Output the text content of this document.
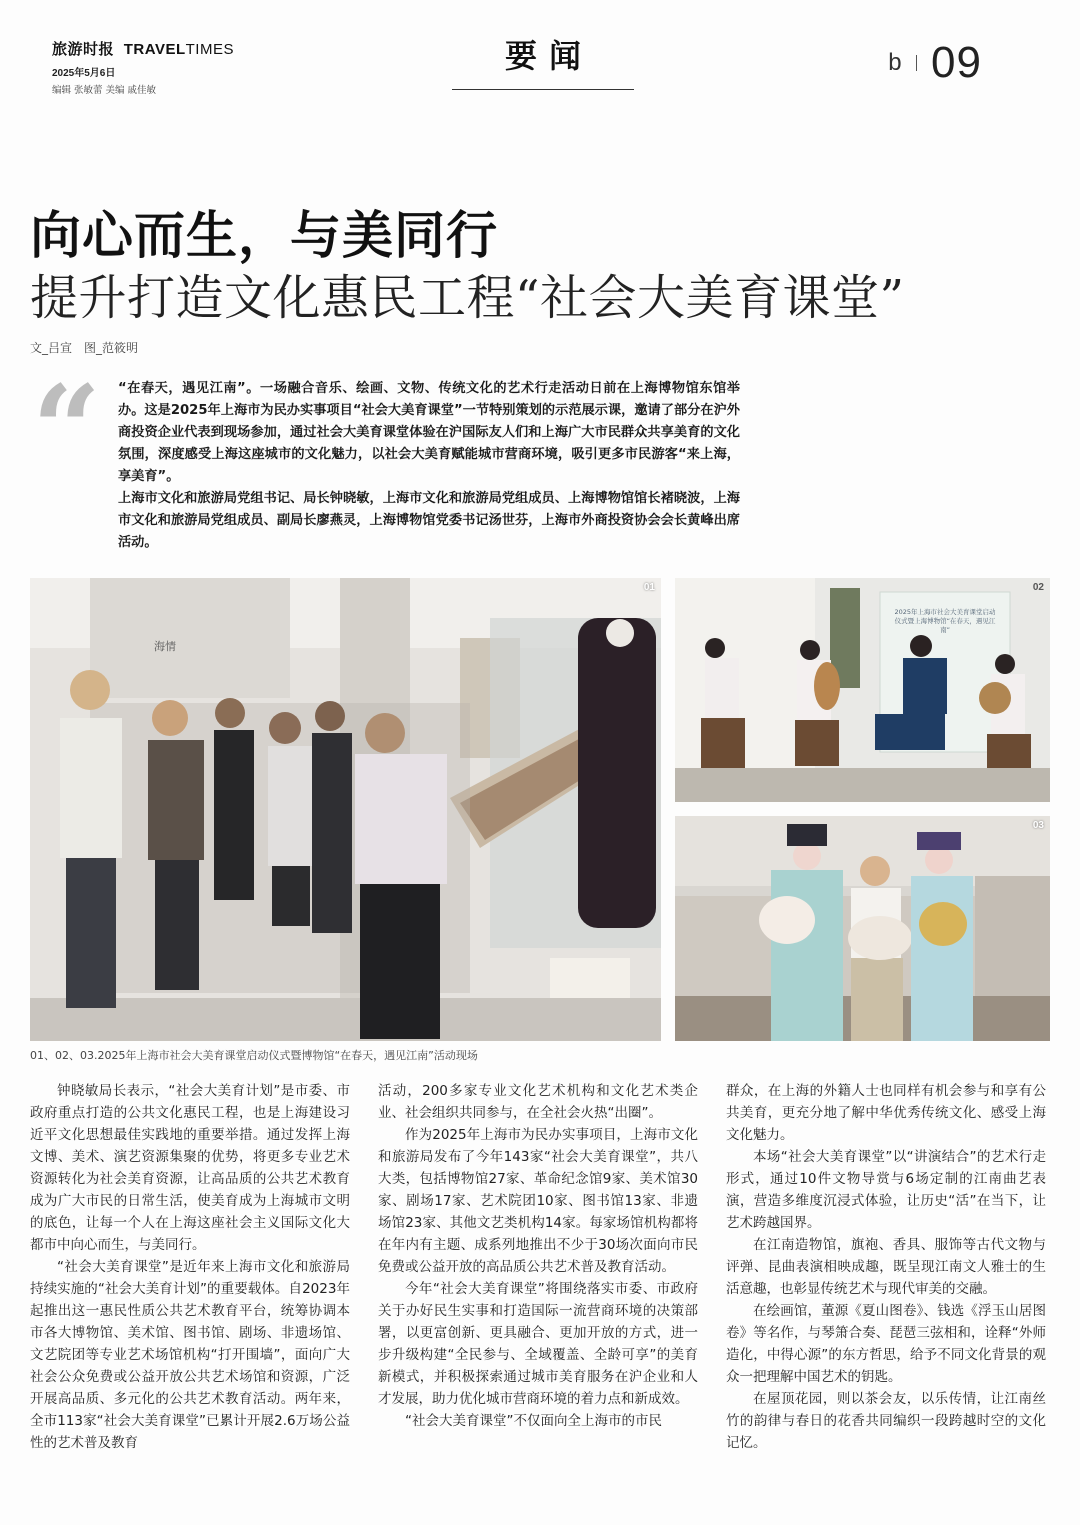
旅游时报 TRAVELTIMES
2025年5月6日
编辑 张敏蕾 美编 戚佳敏
要闻	b 09
向心而生，与美同行
提升打造文化惠民工程“社会大美育课堂”
文_吕宣　图_范筱明
“ “在春天，遇见江南”。一场融合音乐、绘画、文物、传统文化的艺术行走活动日前在上海博物馆东馆举办。这是2025年上海市为民办实事项目“社会大美育课堂”一节特别策划的示范展示课，邀请了部分在沪外商投资企业代表到现场参加，通过社会大美育课堂体验在沪国际友人们和上海广大市民群众共享美育的文化氛围，深度感受上海这座城市的文化魅力，以社会大美育赋能城市营商环境，吸引更多市民游客“来上海，享美育”。
上海市文化和旅游局党组书记、局长钟晓敏，上海市文化和旅游局党组成员、上海博物馆馆长褚晓波，上海市文化和旅游局党组成员、副局长廖燕灵，上海博物馆党委书记汤世芬，上海市外商投资协会会长黄峰出席活动。
01
海情
02
2025年上海市社会大美育课堂启动仪式暨上海博物馆“在春天，遇见江南”
03
01、02、03.2025年上海市社会大美育课堂启动仪式暨博物馆“在春天，遇见江南”活动现场

钟晓敏局长表示，“社会大美育计划”是市委、市政府重点打造的公共文化惠民工程，也是上海建设习近平文化思想最佳实践地的重要举措。通过发挥上海文博、美术、演艺资源集聚的优势，将更多专业艺术资源转化为社会美育资源，让高品质的公共艺术教育成为广大市民的日常生活，使美育成为上海城市文明的底色，让每一个人在上海这座社会主义国际文化大都市中向心而生，与美同行。

“社会大美育课堂”是近年来上海市文化和旅游局持续实施的“社会大美育计划”的重要载体。自2023年起推出这一惠民性质公共艺术教育平台，统筹协调本市各大博物馆、美术馆、图书馆、剧场、非遗场馆、文艺院团等专业艺术场馆机构“打开围墙”，面向广大社会公众免费或公益开放公共艺术场馆和资源，广泛开展高品质、多元化的公共艺术教育活动。两年来，全市113家“社会大美育课堂”已累计开展2.6万场公益性的艺术普及教育

活动，200多家专业文化艺术机构和文化艺术类企业、社会组织共同参与，在全社会火热“出圈”。

作为2025年上海市为民办实事项目，上海市文化和旅游局发布了今年143家“社会大美育课堂”，共八大类，包括博物馆27家、革命纪念馆9家、美术馆30家、剧场17家、艺术院团10家、图书馆13家、非遗场馆23家、其他文艺类机构14家。每家场馆机构都将在年内有主题、成系列地推出不少于30场次面向市民免费或公益开放的高品质公共艺术普及教育活动。

今年“社会大美育课堂”将围绕落实市委、市政府关于办好民生实事和打造国际一流营商环境的决策部署，以更富创新、更具融合、更加开放的方式，进一步升级构建“全民参与、全域覆盖、全龄可享”的美育新模式，并积极探索通过城市美育服务在沪企业和人才发展，助力优化城市营商环境的着力点和新成效。

“社会大美育课堂”不仅面向全上海市的市民

群众，在上海的外籍人士也同样有机会参与和享有公共美育，更充分地了解中华优秀传统文化、感受上海文化魅力。

本场“社会大美育课堂”以“讲演结合”的艺术行走形式，通过10件文物导赏与6场定制的江南曲艺表演，营造多维度沉浸式体验，让历史“活”在当下，让艺术跨越国界。

在江南造物馆，旗袍、香具、服饰等古代文物与评弹、昆曲表演相映成趣，既呈现江南文人雅士的生活意趣，也彰显传统艺术与现代审美的交融。

在绘画馆，董源《夏山图卷》、钱选《浮玉山居图卷》等名作，与琴箫合奏、琵琶三弦相和，诠释“外师造化，中得心源”的东方哲思，给予不同文化背景的观众一把理解中国艺术的钥匙。

在屋顶花园，则以茶会友，以乐传情，让江南丝竹的韵律与春日的花香共同编织一段跨越时空的文化记忆。
